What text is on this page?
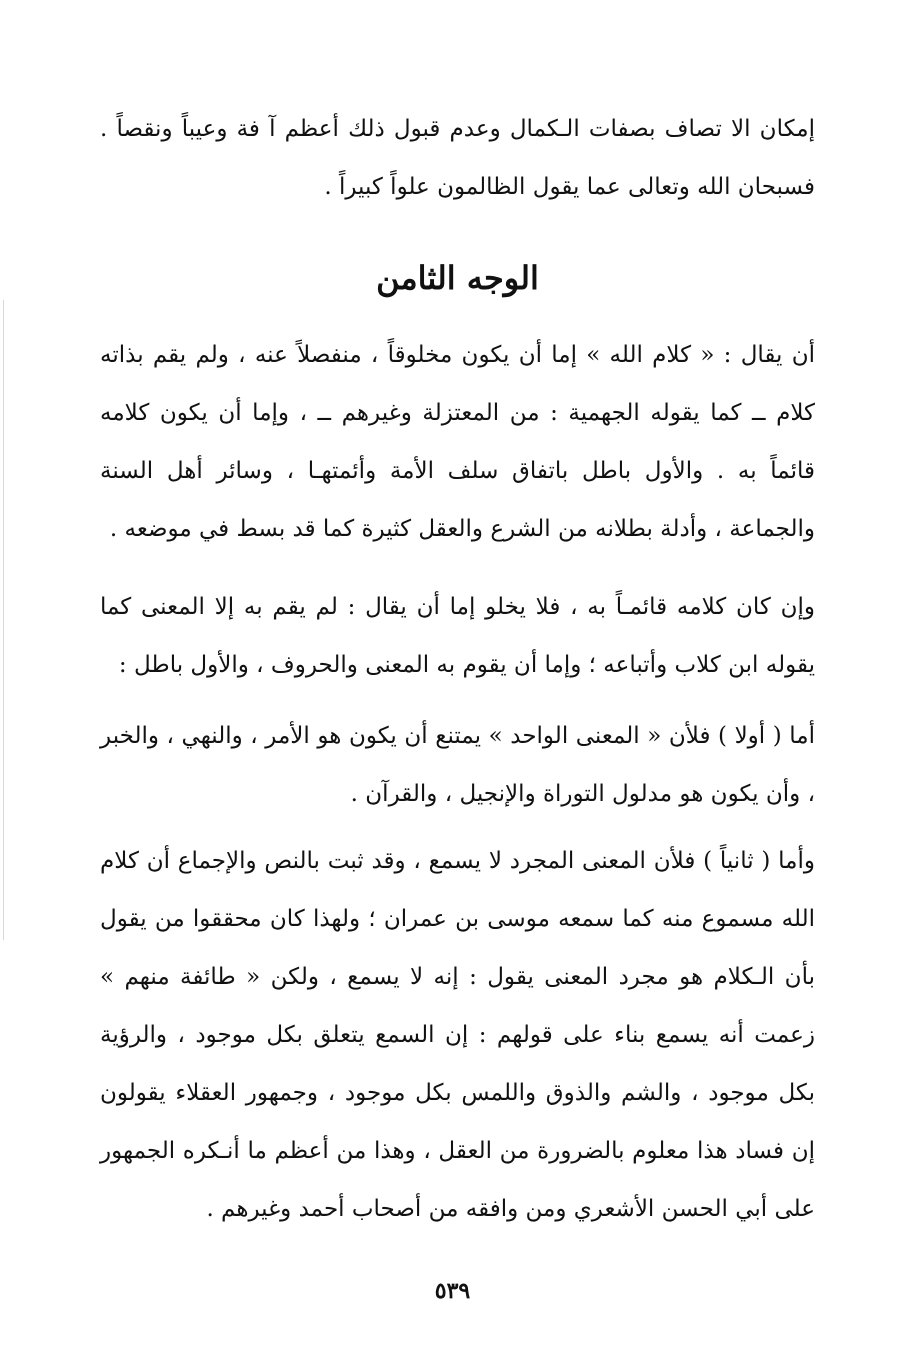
إمكان الا تصاف بصفات الـكمال وعدم قبول ذلك أعظم آ فة وعيباً ونقصاً . فسبحان الله وتعالى عما يقول الظالمون علواً كبيراً .

الوجه الثامن

أن يقال : « كلام الله » إما أن يكون مخلوقاً ، منفصلاً عنه ، ولم يقم بذاته كلام ــ كما يقوله الجهمية : من المعتزلة وغيرهم ــ ، وإما أن يكون كلامه قائماً به . والأول باطل باتفاق سلف الأمة وأئمتهـا ، وسائر أهل السنة والجماعة ، وأدلة بطلانه من الشرع والعقل كثيرة كما قد بسط في موضعه .

وإن كان كلامه قائمـاً به ، فلا يخلو إما أن يقال : لم يقم به إلا المعنى كما يقوله ابن كلاب وأتباعه ؛ وإما أن يقوم به المعنى والحروف ، والأول باطل :

أما ( أولا ) فلأن « المعنى الواحد » يمتنع أن يكون هو الأمر ، والنهي ، والخبر ، وأن يكون هو مدلول التوراة والإنجيل ، والقرآن .

وأما ( ثانياً ) فلأن المعنى المجرد لا يسمع ، وقد ثبت بالنص والإجماع أن كلام الله مسموع منه كما سمعه موسى بن عمران ؛ ولهذا كان محققوا من يقول بأن الـكلام هو مجرد المعنى يقول : إنه لا يسمع ، ولكن « طائفة منهم » زعمت أنه يسمع بناء على قولهم : إن السمع يتعلق بكل موجود ، والرؤية بكل موجود ، والشم والذوق واللمس بكل موجود ، وجمهور العقلاء يقولون إن فساد هذا معلوم بالضرورة من العقل ، وهذا من أعظم ما أنـكره الجمهور على أبي الحسن الأشعري ومن وافقه من أصحاب أحمد وغيرهم .

٥٣٩
